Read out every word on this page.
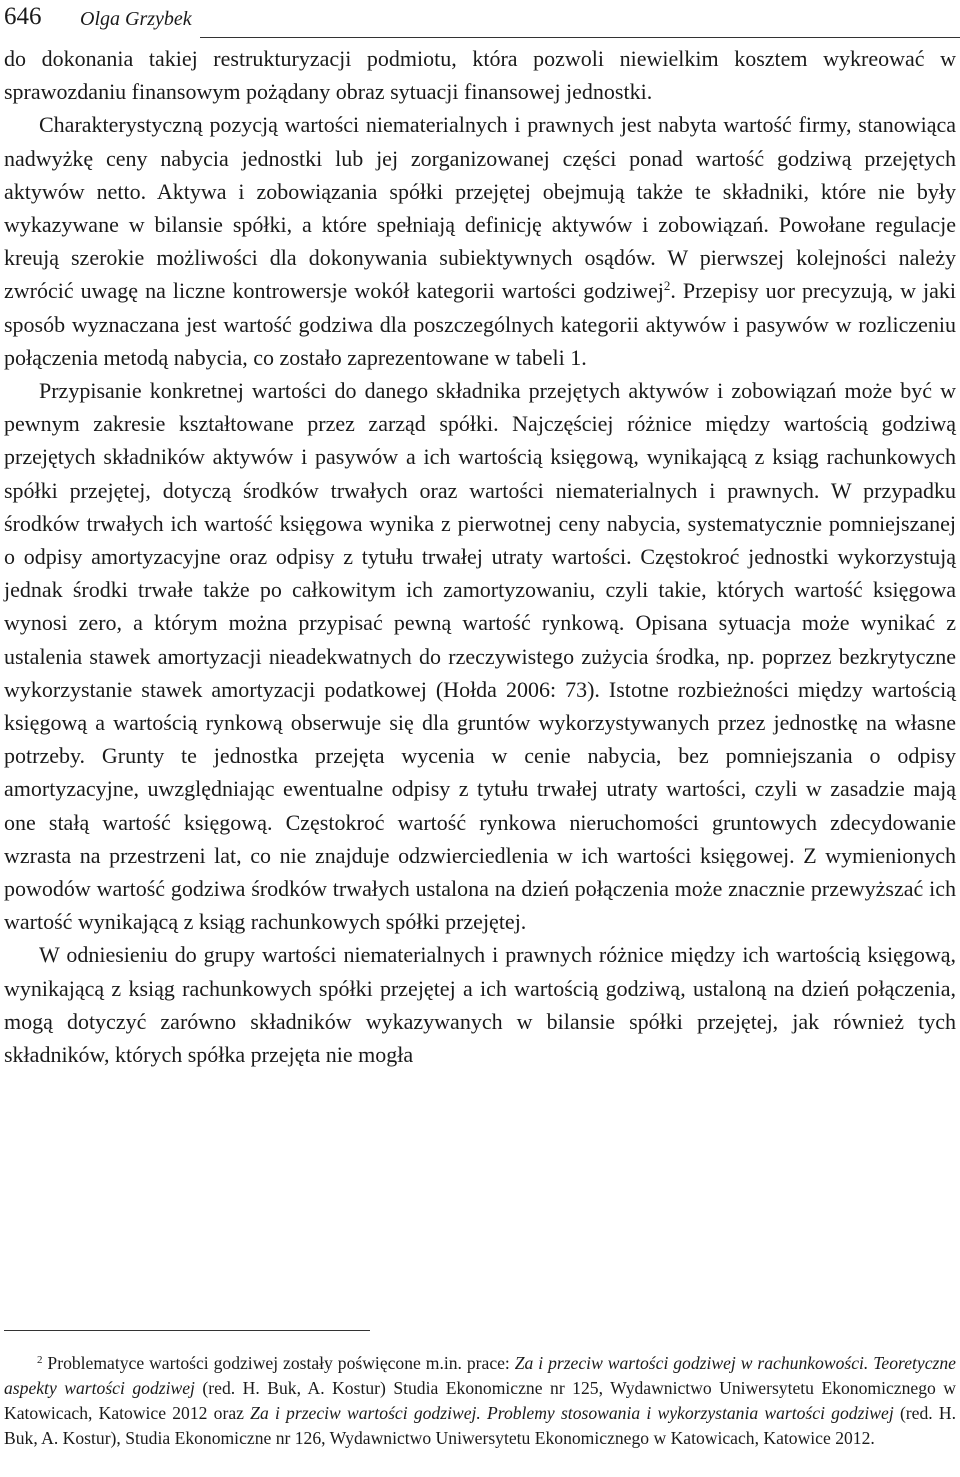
646 Olga Grzybek

do dokonania takiej restrukturyzacji podmiotu, która pozwoli niewielkim kosztem wykreować w sprawozdaniu finansowym pożądany obraz sytuacji finansowej jednostki.

Charakterystyczną pozycją wartości niematerialnych i prawnych jest nabyta wartość firmy, stanowiąca nadwyżkę ceny nabycia jednostki lub jej zorganizowanej części ponad wartość godziwą przejętych aktywów netto. Aktywa i zobowiązania spółki przejętej obejmują także te składniki, które nie były wykazywane w bilansie spółki, a które spełniają definicję aktywów i zobowiązań. Powołane regulacje kreują szerokie możliwości dla dokonywania subiektywnych osądów. W pierwszej kolejności należy zwrócić uwagę na liczne kontrowersje wokół kategorii wartości godziwej$^2$. Przepisy uor precyzują, w jaki sposób wyznaczana jest wartość godziwa dla poszczególnych kategorii aktywów i pasywów w rozliczeniu połączenia metodą nabycia, co zostało zaprezentowane w tabeli 1.

Przypisanie konkretnej wartości do danego składnika przejętych aktywów i zobowiązań może być w pewnym zakresie kształtowane przez zarząd spółki. Najczęściej różnice między wartością godziwą przejętych składników aktywów i pasywów a ich wartością księgową, wynikającą z ksiąg rachunkowych spółki przejętej, dotyczą środków trwałych oraz wartości niematerialnych i prawnych. W przypadku środków trwałych ich wartość księgowa wynika z pierwotnej ceny nabycia, systematycznie pomniejszanej o odpisy amortyzacyjne oraz odpisy z tytułu trwałej utraty wartości. Częstokroć jednostki wykorzystują jednak środki trwałe także po całkowitym ich zamortyzowaniu, czyli takie, których wartość księgowa wynosi zero, a którym można przypisać pewną wartość rynkową. Opisana sytuacja może wynikać z ustalenia stawek amortyzacji nieadekwatnych do rzeczywistego zużycia środka, np. poprzez bezkrytyczne wykorzystanie stawek amortyzacji podatkowej (Hołda 2006: 73). Istotne rozbieżności między wartością księgową a wartością rynkową obserwuje się dla gruntów wykorzystywanych przez jednostkę na własne potrzeby. Grunty te jednostka przejęta wycenia w cenie nabycia, bez pomniejszania o odpisy amortyzacyjne, uwzględniając ewentualne odpisy z tytułu trwałej utraty wartości, czyli w zasadzie mają one stałą wartość księgową. Częstokroć wartość rynkowa nieruchomości gruntowych zdecydowanie wzrasta na przestrzeni lat, co nie znajduje odzwierciedlenia w ich wartości księgowej. Z wymienionych powodów wartość godziwa środków trwałych ustalona na dzień połączenia może znacznie przewyższać ich wartość wynikającą z ksiąg rachunkowych spółki przejętej.

W odniesieniu do grupy wartości niematerialnych i prawnych różnice między ich wartością księgową, wynikającą z ksiąg rachunkowych spółki przejętej a ich wartością godziwą, ustaloną na dzień połączenia, mogą dotyczyć zarówno składników wykazywanych w bilansie spółki przejętej, jak również tych składników, których spółka przejęta nie mogła

$^2$ Problematyce wartości godziwej zostały poświęcone m.in. prace: Za i przeciw wartości godziwej w rachunkowości. Teoretyczne aspekty wartości godziwej (red. H. Buk, A. Kostur) Studia Ekonomiczne nr 125, Wydawnictwo Uniwersytetu Ekonomicznego w Katowicach, Katowice 2012 oraz Za i przeciw wartości godziwej. Problemy stosowania i wykorzystania wartości godziwej (red. H. Buk, A. Kostur), Studia Ekonomiczne nr 126, Wydawnictwo Uniwersytetu Ekonomicznego w Katowicach, Katowice 2012.
